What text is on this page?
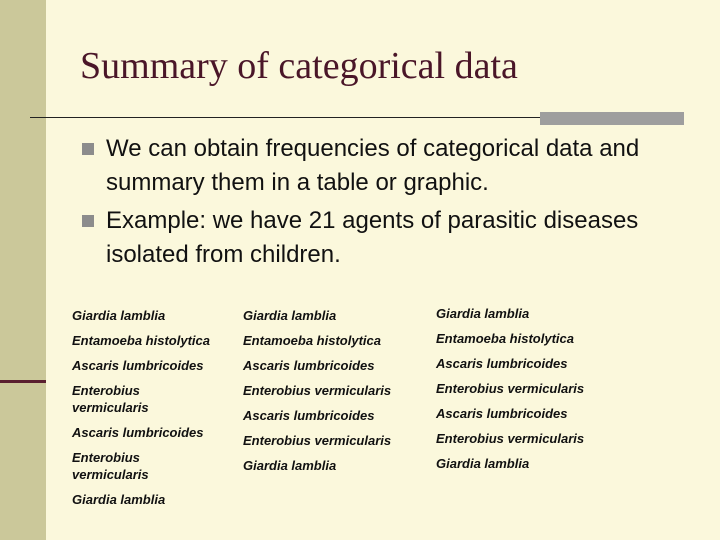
Summary of categorical data
We can obtain frequencies of categorical data and summary them in a table or graphic.
Example: we have 21 agents of parasitic diseases isolated from children.
Giardia lamblia
Entamoeba histolytica
Ascaris lumbricoides
Enterobius vermicularis
Ascaris lumbricoides
Enterobius vermicularis
Giardia lamblia
Giardia lamblia
Entamoeba histolytica
Ascaris lumbricoides
Enterobius vermicularis
Ascaris lumbricoides
Enterobius vermicularis
Giardia lamblia
Giardia lamblia
Entamoeba histolytica
Ascaris lumbricoides
Enterobius vermicularis
Ascaris lumbricoides
Enterobius vermicularis
Giardia lamblia
